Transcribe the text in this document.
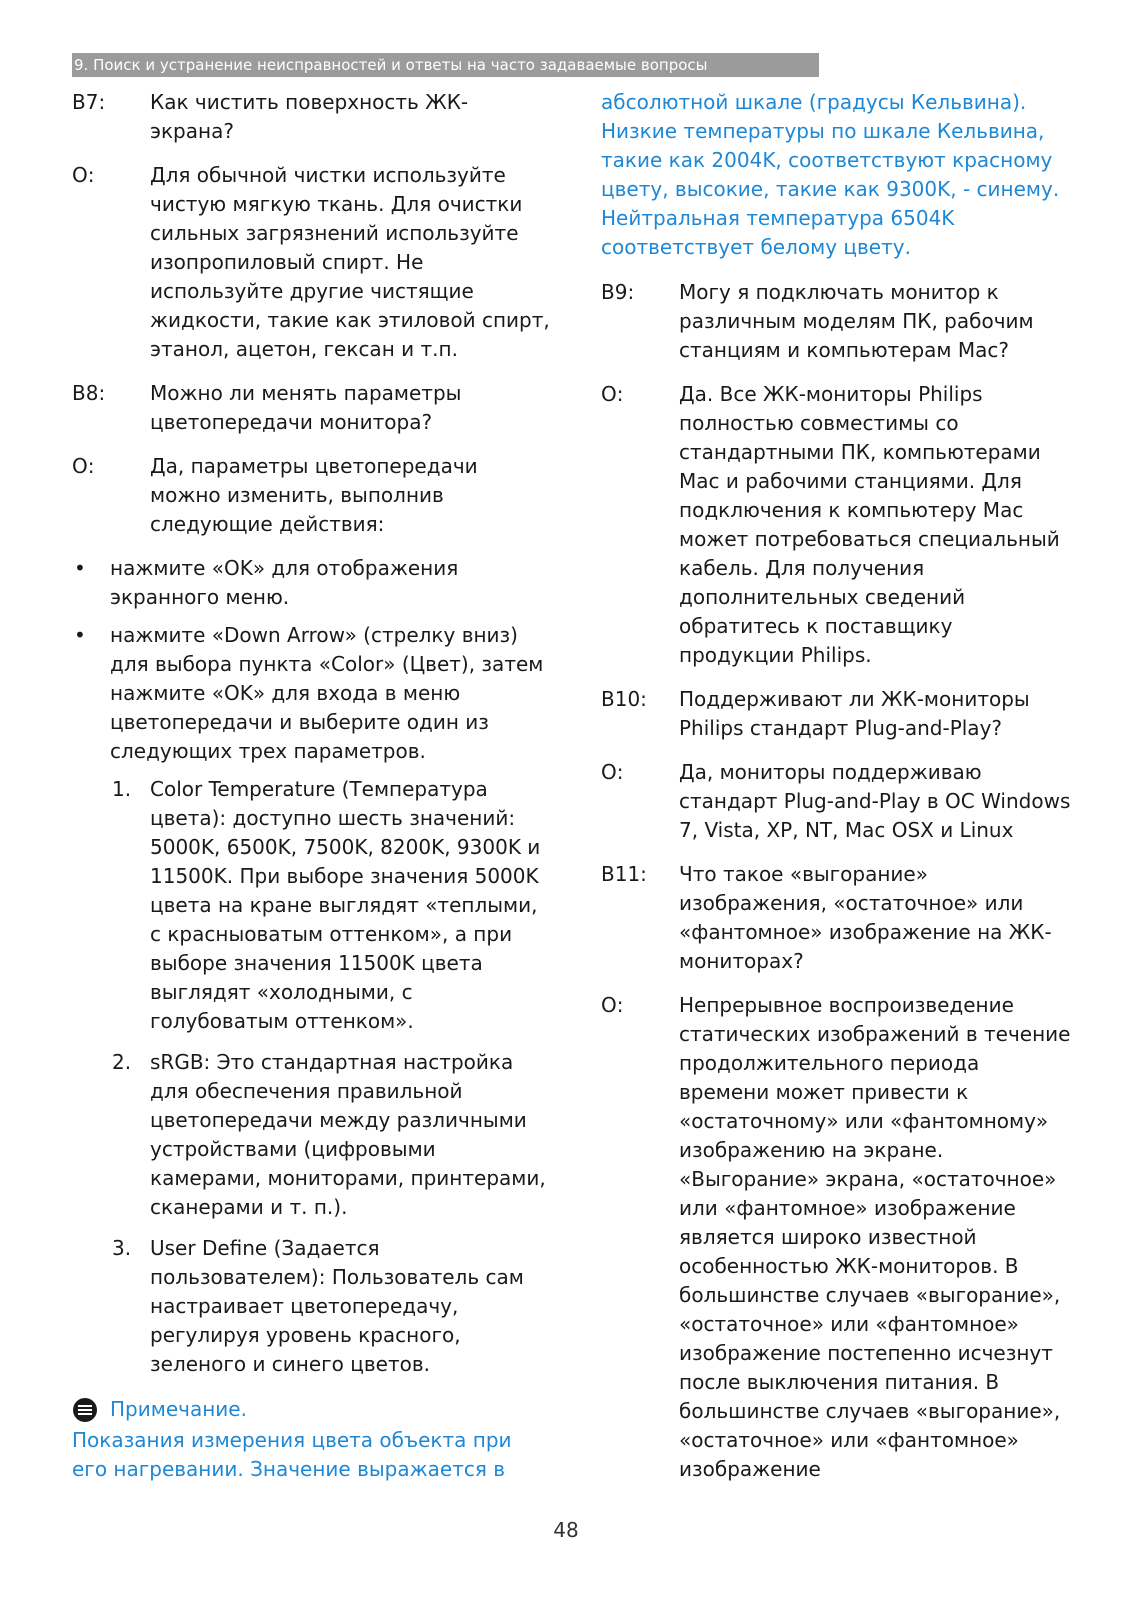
9. Поиск и устранение неисправностей и ответы на часто задаваемые вопросы
В7:	Как чистить поверхность ЖК-экрана?
О:	Для обычной чистки используйте чистую мягкую ткань. Для очистки сильных загрязнений используйте изопропиловый спирт. Не используйте другие чистящие жидкости, такие как этиловой спирт, этанол, ацетон, гексан и т.п.
В8:	Можно ли менять параметры цветопередачи монитора?
О:	Да, параметры цветопередачи можно изменить, выполнив следующие действия:
•	нажмите «OK» для отображения экранного меню.
•	нажмите «Down Arrow» (стрелку вниз) для выбора пункта «Color» (Цвет), затем нажмите «OK» для входа в меню цветопередачи и выберите один из следующих трех параметров.
1. Color Temperature (Температура цвета): доступно шесть значений: 5000K, 6500K, 7500K, 8200K, 9300K и 11500K. При выборе значения 5000K цвета на кране выглядят «теплыми, с красныоватым оттенком», а при выборе значения 11500K цвета выглядят «холодными, с голубоватым оттенком».
2. sRGB: Это стандартная настройка для обеспечения правильной цветопередачи между различными устройствами (цифровыми камерами, мониторами, принтерами, сканерами и т. п.).
3. User Define (Задается пользователем): Пользователь сам настраивает цветопередачу, регулируя уровень красного, зеленого и синего цветов.
Примечание.
Показания измерения цвета объекта при его нагревании. Значение выражается в
абсолютной шкале (градусы Кельвина). Низкие температуры по шкале Кельвина, такие как 2004K, соответствуют красному цвету, высокие, такие как 9300K, - синему. Нейтральная температура 6504K соответствует белому цвету.
В9:	Могу я подключать монитор к различным моделям ПК, рабочим станциям и компьютерам Mac?
О:	Да. Все ЖК-мониторы Philips полностью совместимы со стандартными ПК, компьютерами Mac и рабочими станциями. Для подключения к компьютеру Mac может потребоваться специальный кабель. Для получения дополнительных сведений обратитесь к поставщику продукции Philips.
В10:	Поддерживают ли ЖК-мониторы Philips стандарт Plug-and-Play?
О:	Да, мониторы поддерживаю стандарт Plug-and-Play в ОС Windows 7, Vista, XP, NT, Mac OSX и Linux
В11:	Что такое «выгорание» изображения, «остаточное» или «фантомное» изображение на ЖК-мониторах?
О:	Непрерывное воспроизведение статических изображений в течение продолжительного периода времени может привести к «остаточному» или «фантомному» изображению на экране. «Выгорание» экрана, «остаточное» или «фантомное» изображение является широко известной особенностью ЖК-мониторов. В большинстве случаев «выгорание», «остаточное» или «фантомное» изображение постепенно исчезнут после выключения питания. В большинстве случаев «выгорание», «остаточное» или «фантомное» изображение
48
